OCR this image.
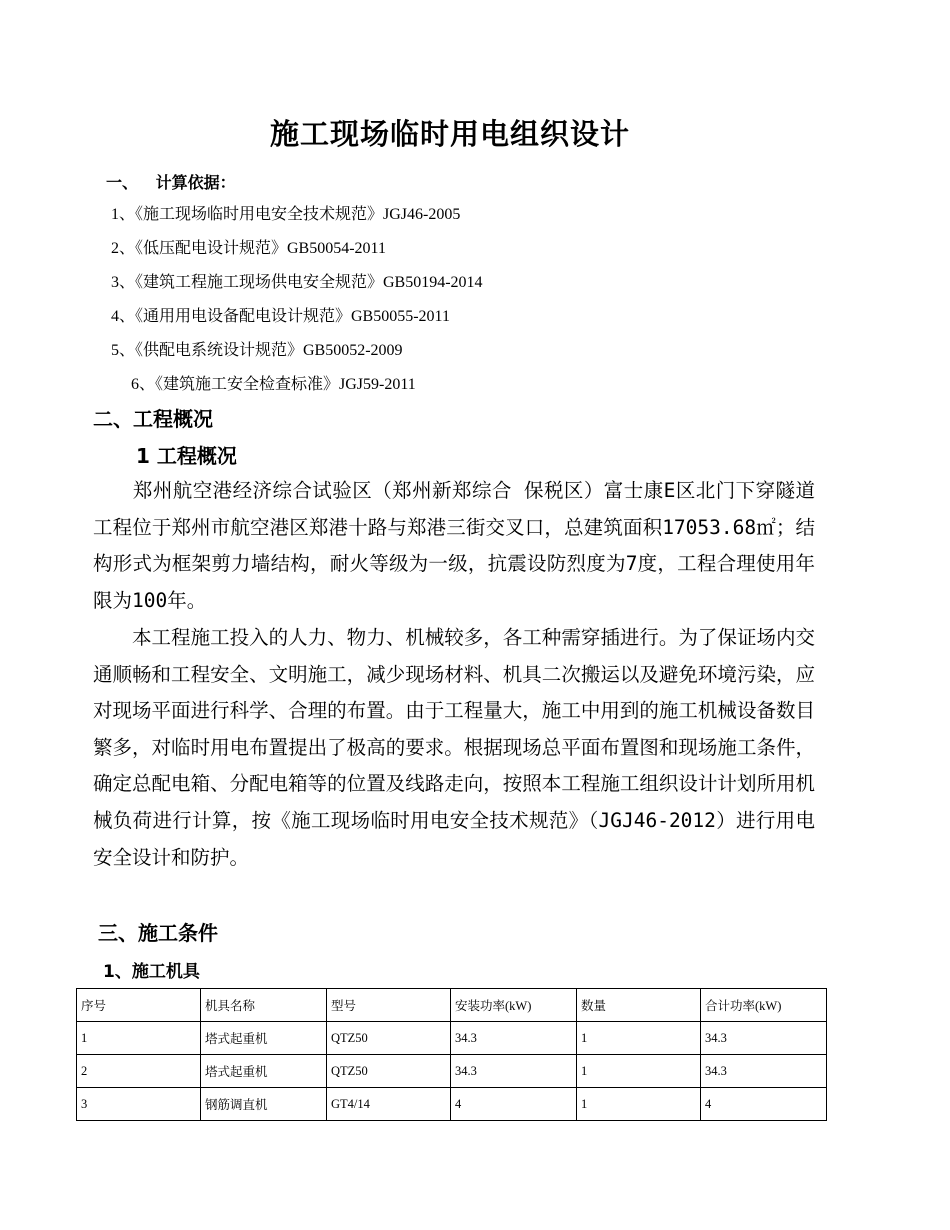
施工现场临时用电组织设计
一、 计算依据：
1、《施工现场临时用电安全技术规范》JGJ46-2005
2、《低压配电设计规范》GB50054-2011
3、《建筑工程施工现场供电安全规范》GB50194-2014
4、《通用用电设备配电设计规范》GB50055-2011
5、《供配电系统设计规范》GB50052-2009
6、《建筑施工安全检查标准》JGJ59-2011
二、工程概况
1 工程概况
　　郑州航空港经济综合试验区（郑州新郑综合 保税区）富士康E区北门下穿隧道工程位于郑州市航空港区郑港十路与郑港三街交叉口，总建筑面积17053.68㎡；结构形式为框架剪力墙结构，耐火等级为一级，抗震设防烈度为7度，工程合理使用年限为100年。
　　本工程施工投入的人力、物力、机械较多，各工种需穿插进行。为了保证场内交通顺畅和工程安全、文明施工，减少现场材料、机具二次搬运以及避免环境污染，应对现场平面进行科学、合理的布置。由于工程量大，施工中用到的施工机械设备数目繁多，对临时用电布置提出了极高的要求。根据现场总平面布置图和现场施工条件，确定总配电箱、分配电箱等的位置及线路走向，按照本工程施工组织设计计划所用机械负荷进行计算，按《施工现场临时用电安全技术规范》（JGJ46-2012）进行用电安全设计和防护。
三、施工条件
1、施工机具
序号	机具名称	型号	安装功率(kW)	数量	合计功率(kW)
1	塔式起重机	QTZ50	34.3	1	34.3
2	塔式起重机	QTZ50	34.3	1	34.3
3	钢筋调直机	GT4/14	4	1	4
